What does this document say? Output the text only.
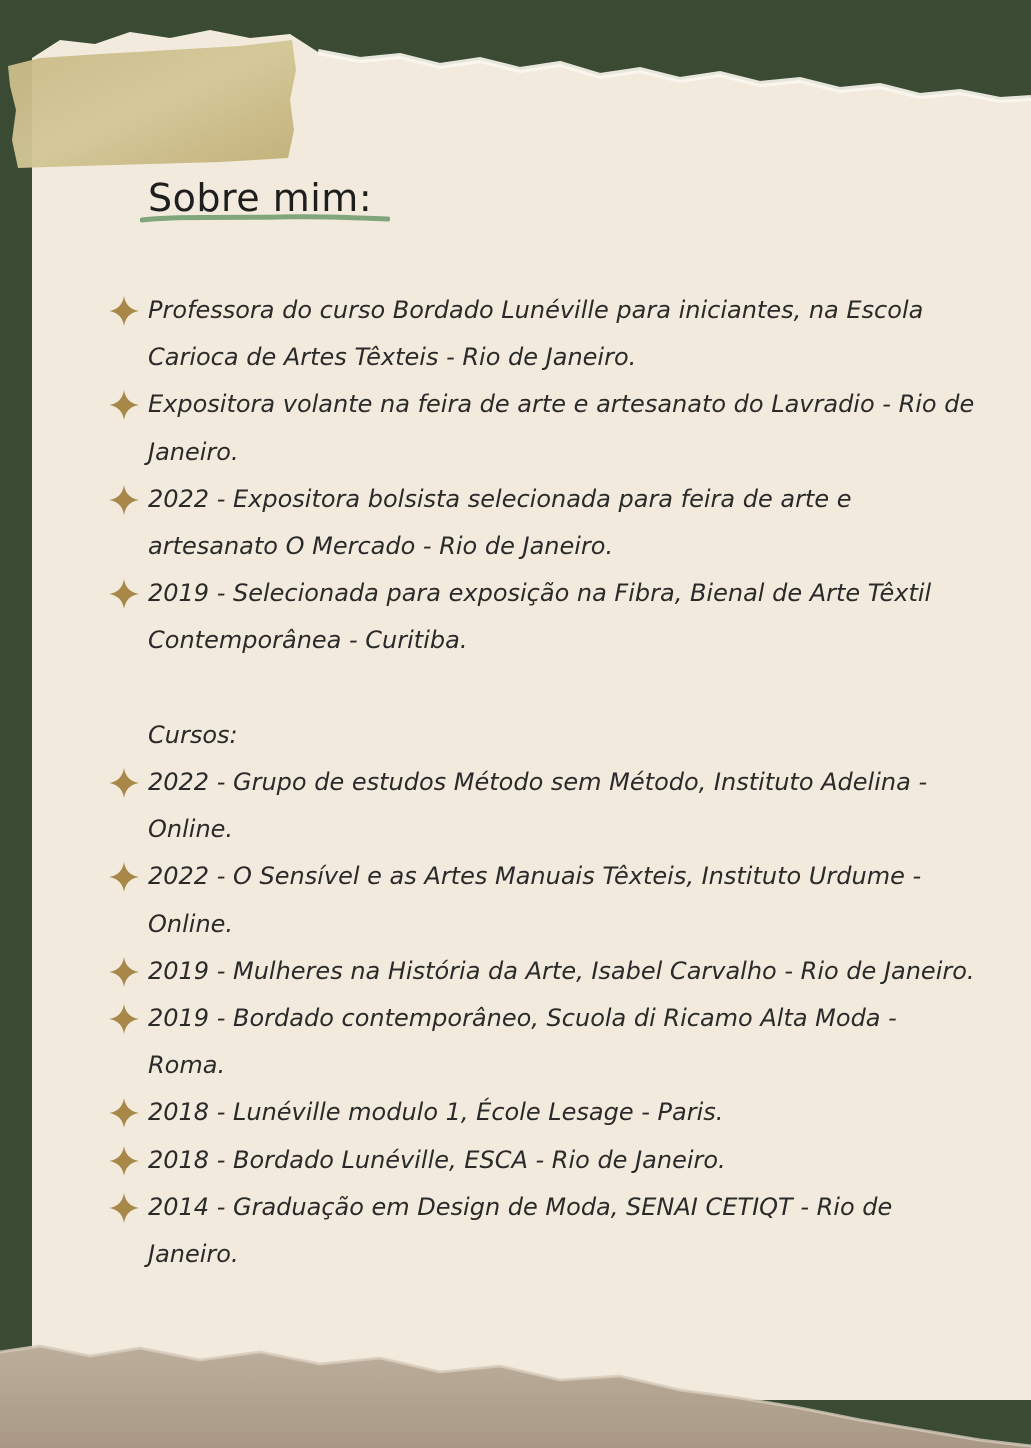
Sobre mim:

Professora do curso Bordado Lunéville para iniciantes, na Escola Carioca de Artes Têxteis - Rio de Janeiro.

Expositora volante na feira de arte e artesanato do Lavradio - Rio de Janeiro.

2022 - Expositora bolsista selecionada para feira de arte e artesanato O Mercado - Rio de Janeiro.

2019 - Selecionada para exposição na Fibra, Bienal de Arte Têxtil Contemporânea - Curitiba.

Cursos:

2022 - Grupo de estudos Método sem Método, Instituto Adelina - Online.

2022 - O Sensível e as Artes Manuais Têxteis, Instituto Urdume - Online.

2019 - Mulheres na História da Arte, Isabel Carvalho - Rio de Janeiro.

2019 - Bordado contemporâneo, Scuola di Ricamo Alta Moda - Roma.

2018 - Lunéville modulo 1, École Lesage - Paris.

2018 - Bordado Lunéville, ESCA - Rio de Janeiro.

2014 - Graduação em Design de Moda, SENAI CETIQT - Rio de Janeiro.
